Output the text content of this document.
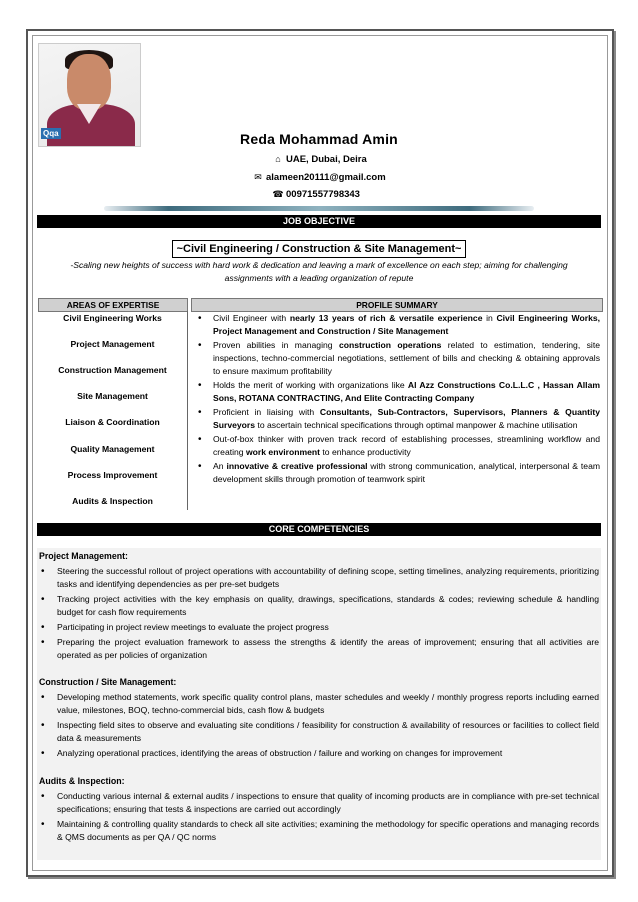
Qqa	Reda Mohammad Amin
⌂ UAE, Dubai, Deira
✉ alameen20111@gmail.com
☎ 00971557798343
JOB OBJECTIVE
~Civil Engineering / Construction & Site Management~
-Scaling new heights of success with hard work & dedication and leaving a mark of excellence on each step; aiming for challenging assignments with a leading organization of repute
AREAS OF EXPERTISE	PROFILE SUMMARY
Civil Engineering Works
Project Management
Construction Management
Site Management
Liaison & Coordination
Quality Management
Process Improvement
Audits & Inspection
• Civil Engineer with nearly 13 years of rich & versatile experience in Civil Engineering Works, Project Management and Construction / Site Management
• Proven abilities in managing construction operations related to estimation, tendering, site inspections, techno-commercial negotiations, settlement of bills and checking & obtaining approvals to ensure maximum profitability
• Holds the merit of working with organizations like Al Azz Constructions Co.L.L.C , Hassan Allam Sons, ROTANA CONTRACTING, And Elite Contracting Company
• Proficient in liaising with Consultants, Sub-Contractors, Supervisors, Planners & Quantity Surveyors to ascertain technical specifications through optimal manpower & machine utilisation
• Out-of-box thinker with proven track record of establishing processes, streamlining workflow and creating work environment to enhance productivity
• An innovative & creative professional with strong communication, analytical, interpersonal & team development skills through promotion of teamwork spirit
CORE COMPETENCIES
Project Management:
• Steering the successful rollout of project operations with accountability of defining scope, setting timelines, analyzing requirements, prioritizing tasks and identifying dependencies as per pre-set budgets
• Tracking project activities with the key emphasis on quality, drawings, specifications, standards & codes; reviewing schedule & handling budget for cash flow requirements
• Participating in project review meetings to evaluate the project progress
• Preparing the project evaluation framework to assess the strengths & identify the areas of improvement; ensuring that all activities are operated as per policies of organization
Construction / Site Management:
• Developing method statements, work specific quality control plans, master schedules and weekly / monthly progress reports including earned value, milestones, BOQ, techno-commercial bids, cash flow & budgets
• Inspecting field sites to observe and evaluating site conditions / feasibility for construction & availability of resources or facilities to collect field data & measurements
• Analyzing operational practices, identifying the areas of obstruction / failure and working on changes for improvement
Audits & Inspection:
• Conducting various internal & external audits / inspections to ensure that quality of incoming products are in compliance with pre-set technical specifications; ensuring that tests & inspections are carried out accordingly
• Maintaining & controlling quality standards to check all site activities; examining the methodology for specific operations and managing records & QMS documents as per QA / QC norms
